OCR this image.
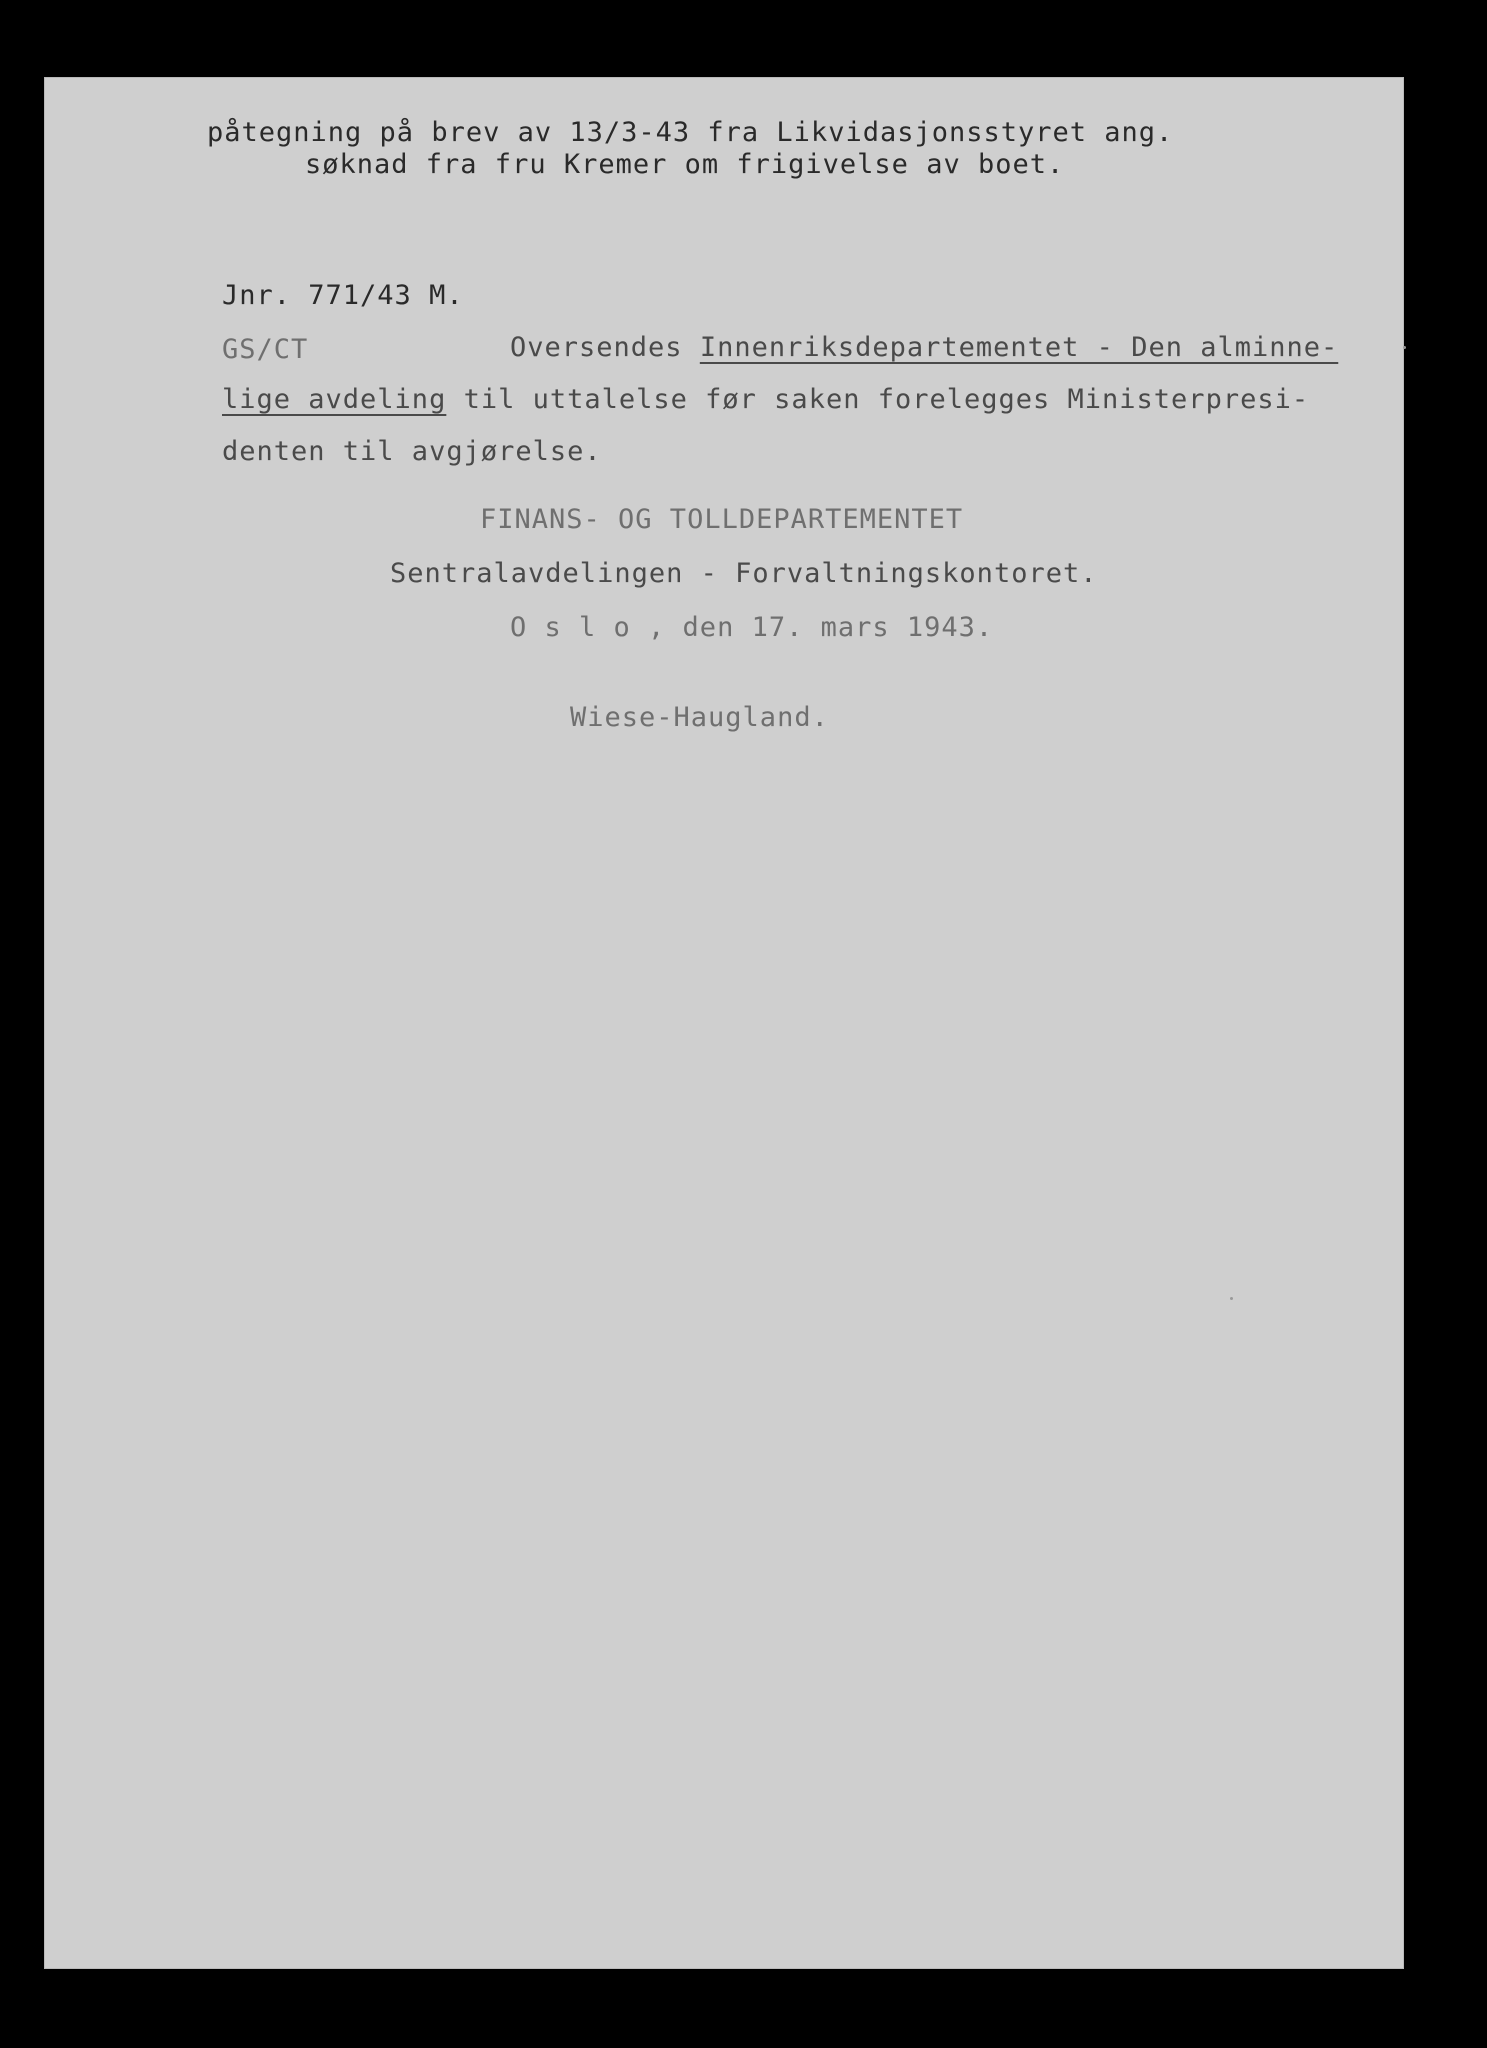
påtegning på brev av 13/3-43 fra Likvidasjonsstyret ang.
søknad fra fru Kremer om frigivelse av boet.
Jnr. 771/43 M.
GS/CT	Oversendes Innenriksdepartementet - Den alminne-
lige avdeling til uttalelse før saken forelegges Ministerpresi-
denten til avgjørelse.
FINANS- OG TOLLDEPARTEMENTET
Sentralavdelingen - Forvaltningskontoret.
O s l o , den 17. mars 1943.
Wiese-Haugland.
